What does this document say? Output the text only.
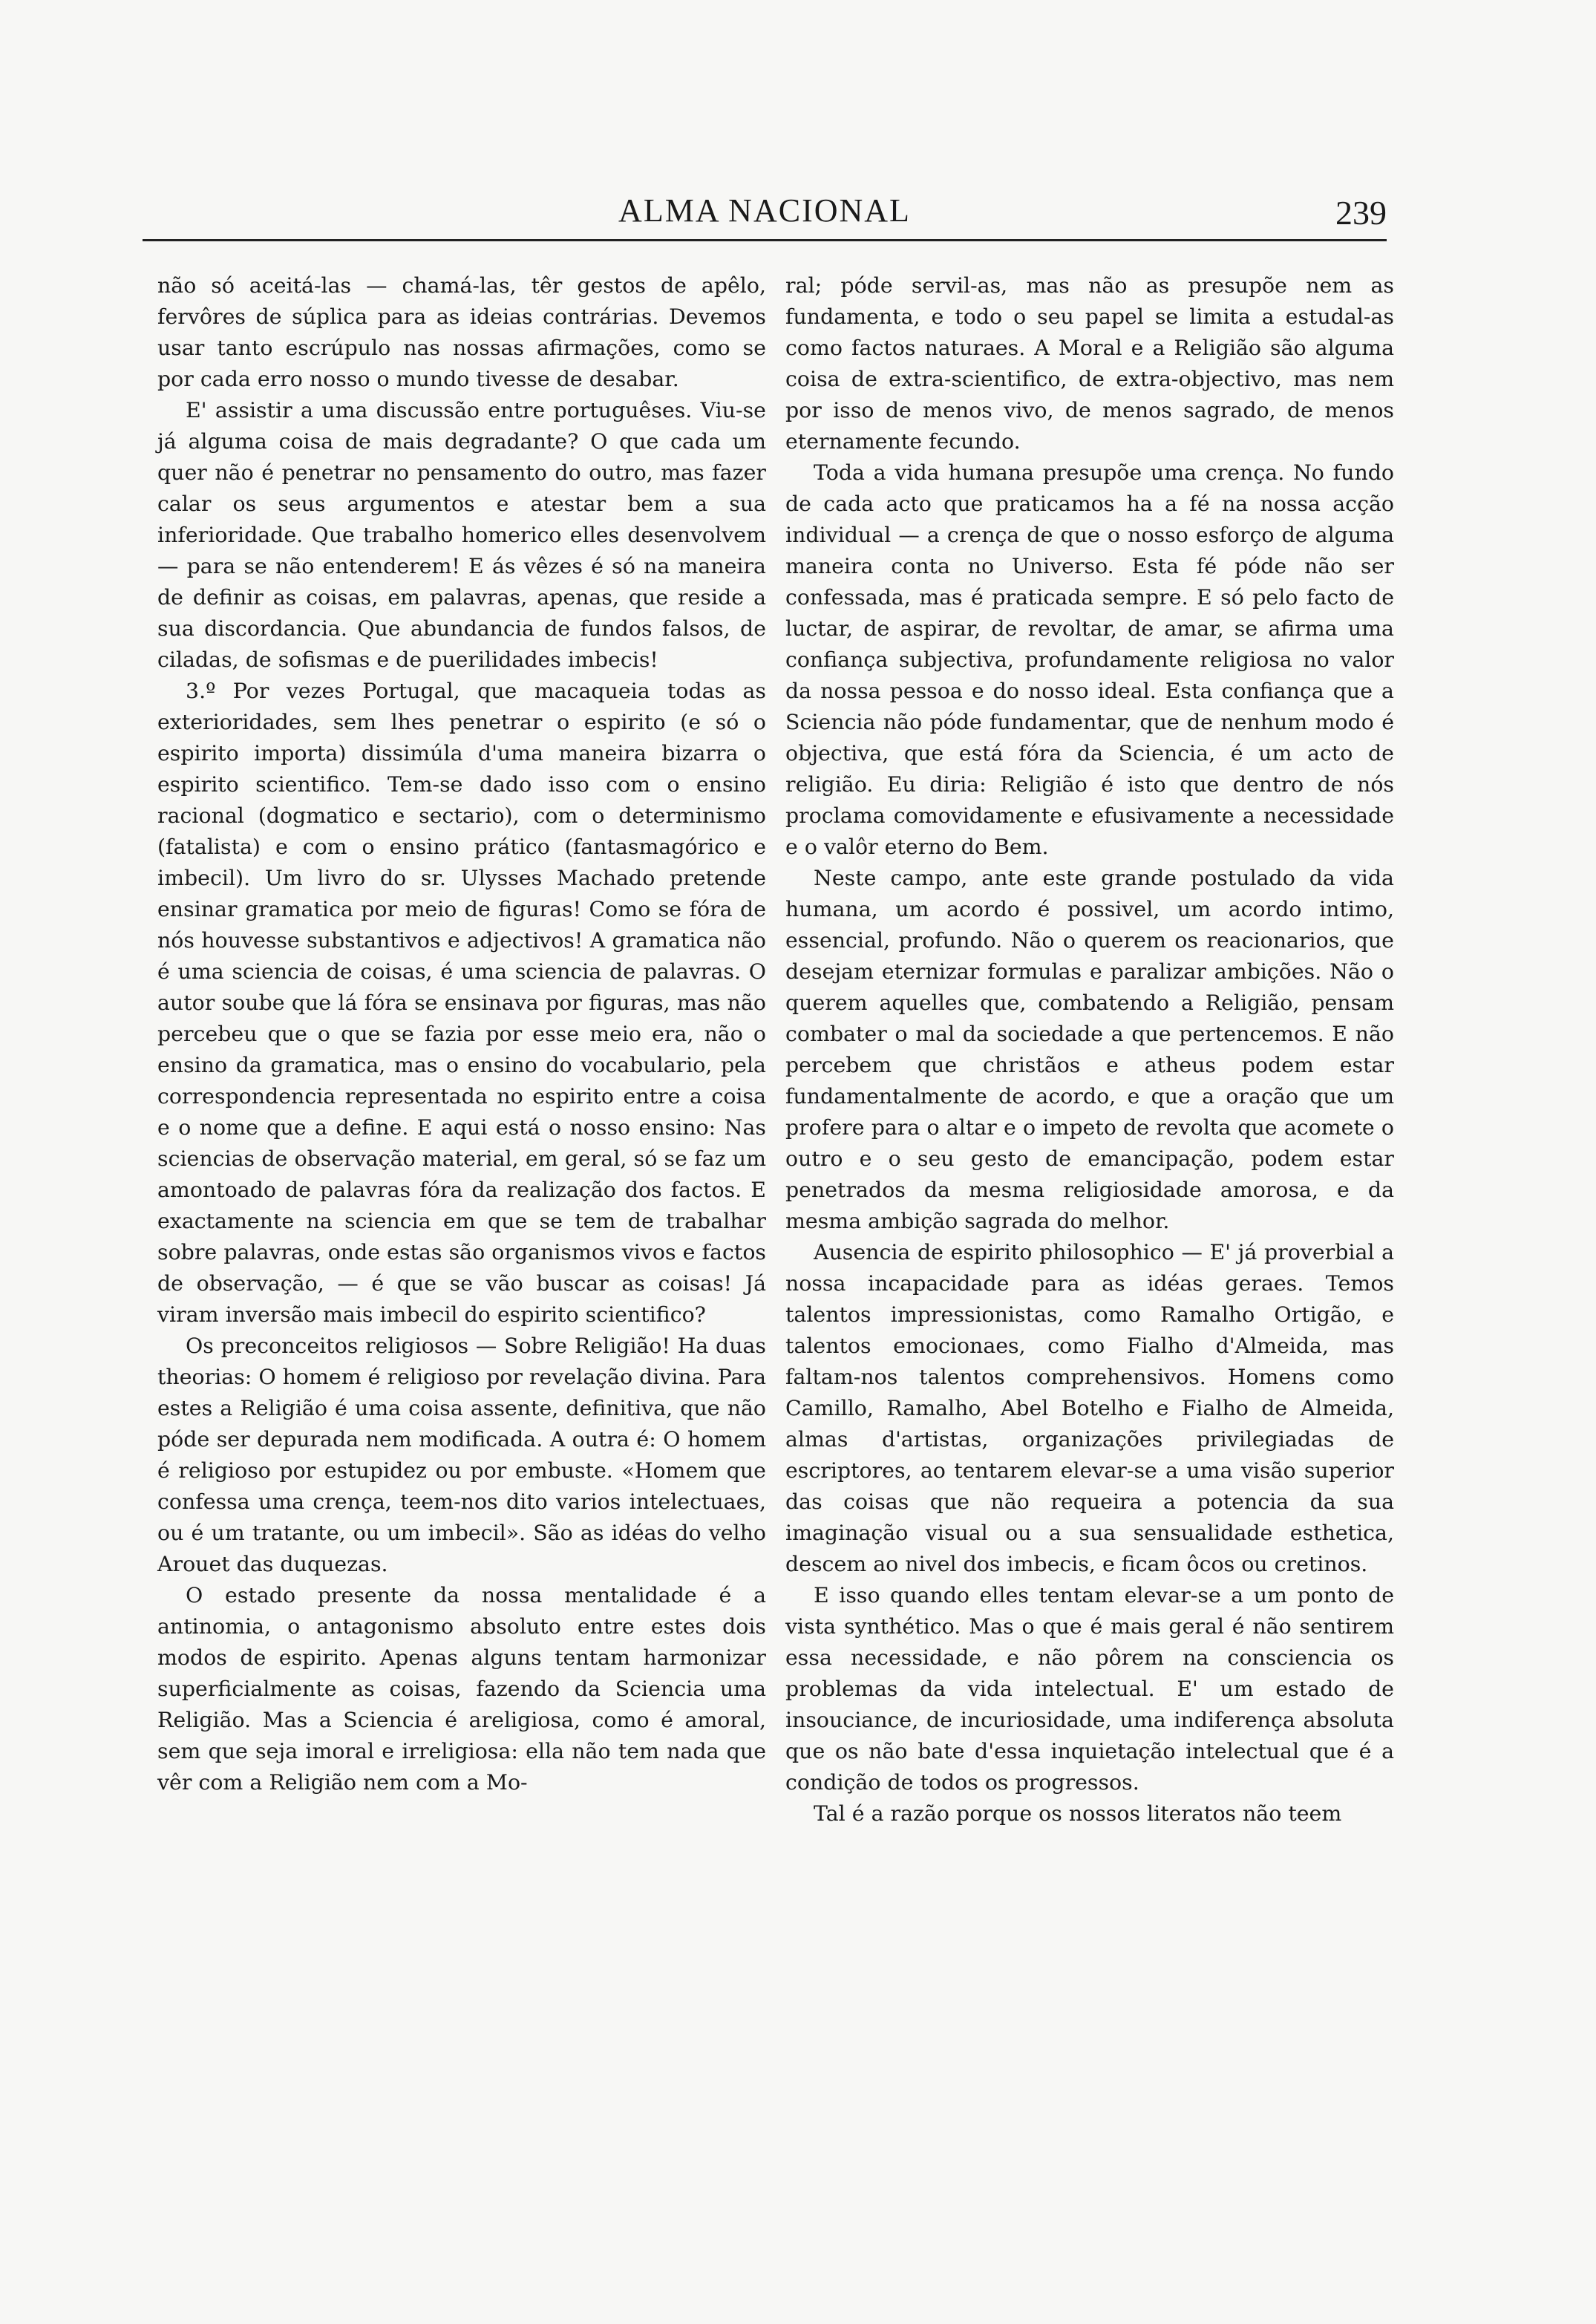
ALMA NACIONAL	239

não só aceitá-las — chamá-las, têr gestos de apêlo, fervôres de súplica para as ideias contrárias. Devemos usar tanto escrúpulo nas nossas afirmações, como se por cada erro nosso o mundo tivesse de desabar.

E' assistir a uma discussão entre portuguêses. Viu-se já alguma coisa de mais degradante? O que cada um quer não é penetrar no pensamento do outro, mas fazer calar os seus argumentos e atestar bem a sua inferioridade. Que trabalho homerico elles desenvolvem — para se não entenderem! E ás vêzes é só na maneira de definir as coisas, em palavras, apenas, que reside a sua discordancia. Que abundancia de fundos falsos, de ciladas, de sofismas e de puerilidades imbecis!

3.º Por vezes Portugal, que macaqueia todas as exterioridades, sem lhes penetrar o espirito (e só o espirito importa) dissimúla d'uma maneira bizarra o espirito scientifico. Tem-se dado isso com o ensino racional (dogmatico e sectario), com o determinismo (fatalista) e com o ensino prático (fantasmagórico e imbecil). Um livro do sr. Ulysses Machado pretende ensinar gramatica por meio de figuras! Como se fóra de nós houvesse substantivos e adjectivos! A gramatica não é uma sciencia de coisas, é uma sciencia de palavras. O autor soube que lá fóra se ensinava por figuras, mas não percebeu que o que se fazia por esse meio era, não o ensino da gramatica, mas o ensino do vocabulario, pela correspondencia representada no espirito entre a coisa e o nome que a define. E aqui está o nosso ensino: Nas sciencias de observação material, em geral, só se faz um amontoado de palavras fóra da realização dos factos. E exactamente na sciencia em que se tem de trabalhar sobre palavras, onde estas são organismos vivos e factos de observação, — é que se vão buscar as coisas! Já viram inversão mais imbecil do espirito scientifico?

Os preconceitos religiosos — Sobre Religião! Ha duas theorias: O homem é religioso por revelação divina. Para estes a Religião é uma coisa assente, definitiva, que não póde ser depurada nem modificada. A outra é: O homem é religioso por estupidez ou por embuste. «Homem que confessa uma crença, teem-nos dito varios intelectuaes, ou é um tratante, ou um imbecil». São as idéas do velho Arouet das duquezas.

O estado presente da nossa mentalidade é a antinomia, o antagonismo absoluto entre estes dois modos de espirito. Apenas alguns tentam harmonizar superficialmente as coisas, fazendo da Sciencia uma Religião. Mas a Sciencia é areligiosa, como é amoral, sem que seja imoral e irreligiosa: ella não tem nada que vêr com a Religião nem com a Mo-

ral; póde servil-as, mas não as presupõe nem as fundamenta, e todo o seu papel se limita a estudal-as como factos naturaes. A Moral e a Religião são alguma coisa de extra-scientifico, de extra-objectivo, mas nem por isso de menos vivo, de menos sagrado, de menos eternamente fecundo.

Toda a vida humana presupõe uma crença. No fundo de cada acto que praticamos ha a fé na nossa acção individual — a crença de que o nosso esforço de alguma maneira conta no Universo. Esta fé póde não ser confessada, mas é praticada sempre. E só pelo facto de luctar, de aspirar, de revoltar, de amar, se afirma uma confiança subjectiva, profundamente religiosa no valor da nossa pessoa e do nosso ideal. Esta confiança que a Sciencia não póde fundamentar, que de nenhum modo é objectiva, que está fóra da Sciencia, é um acto de religião. Eu diria: Religião é isto que dentro de nós proclama comovidamente e efusivamente a necessidade e o valôr eterno do Bem.

Neste campo, ante este grande postulado da vida humana, um acordo é possivel, um acordo intimo, essencial, profundo. Não o querem os reacionarios, que desejam eternizar formulas e paralizar ambições. Não o querem aquelles que, combatendo a Religião, pensam combater o mal da sociedade a que pertencemos. E não percebem que christãos e atheus podem estar fundamentalmente de acordo, e que a oração que um profere para o altar e o impeto de revolta que acomete o outro e o seu gesto de emancipação, podem estar penetrados da mesma religiosidade amorosa, e da mesma ambição sagrada do melhor.

Ausencia de espirito philosophico — E' já proverbial a nossa incapacidade para as idéas geraes. Temos talentos impressionistas, como Ramalho Ortigão, e talentos emocionaes, como Fialho d'Almeida, mas faltam-nos talentos comprehensivos. Homens como Camillo, Ramalho, Abel Botelho e Fialho de Almeida, almas d'artistas, organizações privilegiadas de escriptores, ao tentarem elevar-se a uma visão superior das coisas que não requeira a potencia da sua imaginação visual ou a sua sensualidade esthetica, descem ao nivel dos imbecis, e ficam ôcos ou cretinos.

E isso quando elles tentam elevar-se a um ponto de vista synthético. Mas o que é mais geral é não sentirem essa necessidade, e não pôrem na consciencia os problemas da vida intelectual. E' um estado de insouciance, de incuriosidade, uma indiferença absoluta que os não bate d'essa inquietação intelectual que é a condição de todos os progressos.

Tal é a razão porque os nossos literatos não teem
